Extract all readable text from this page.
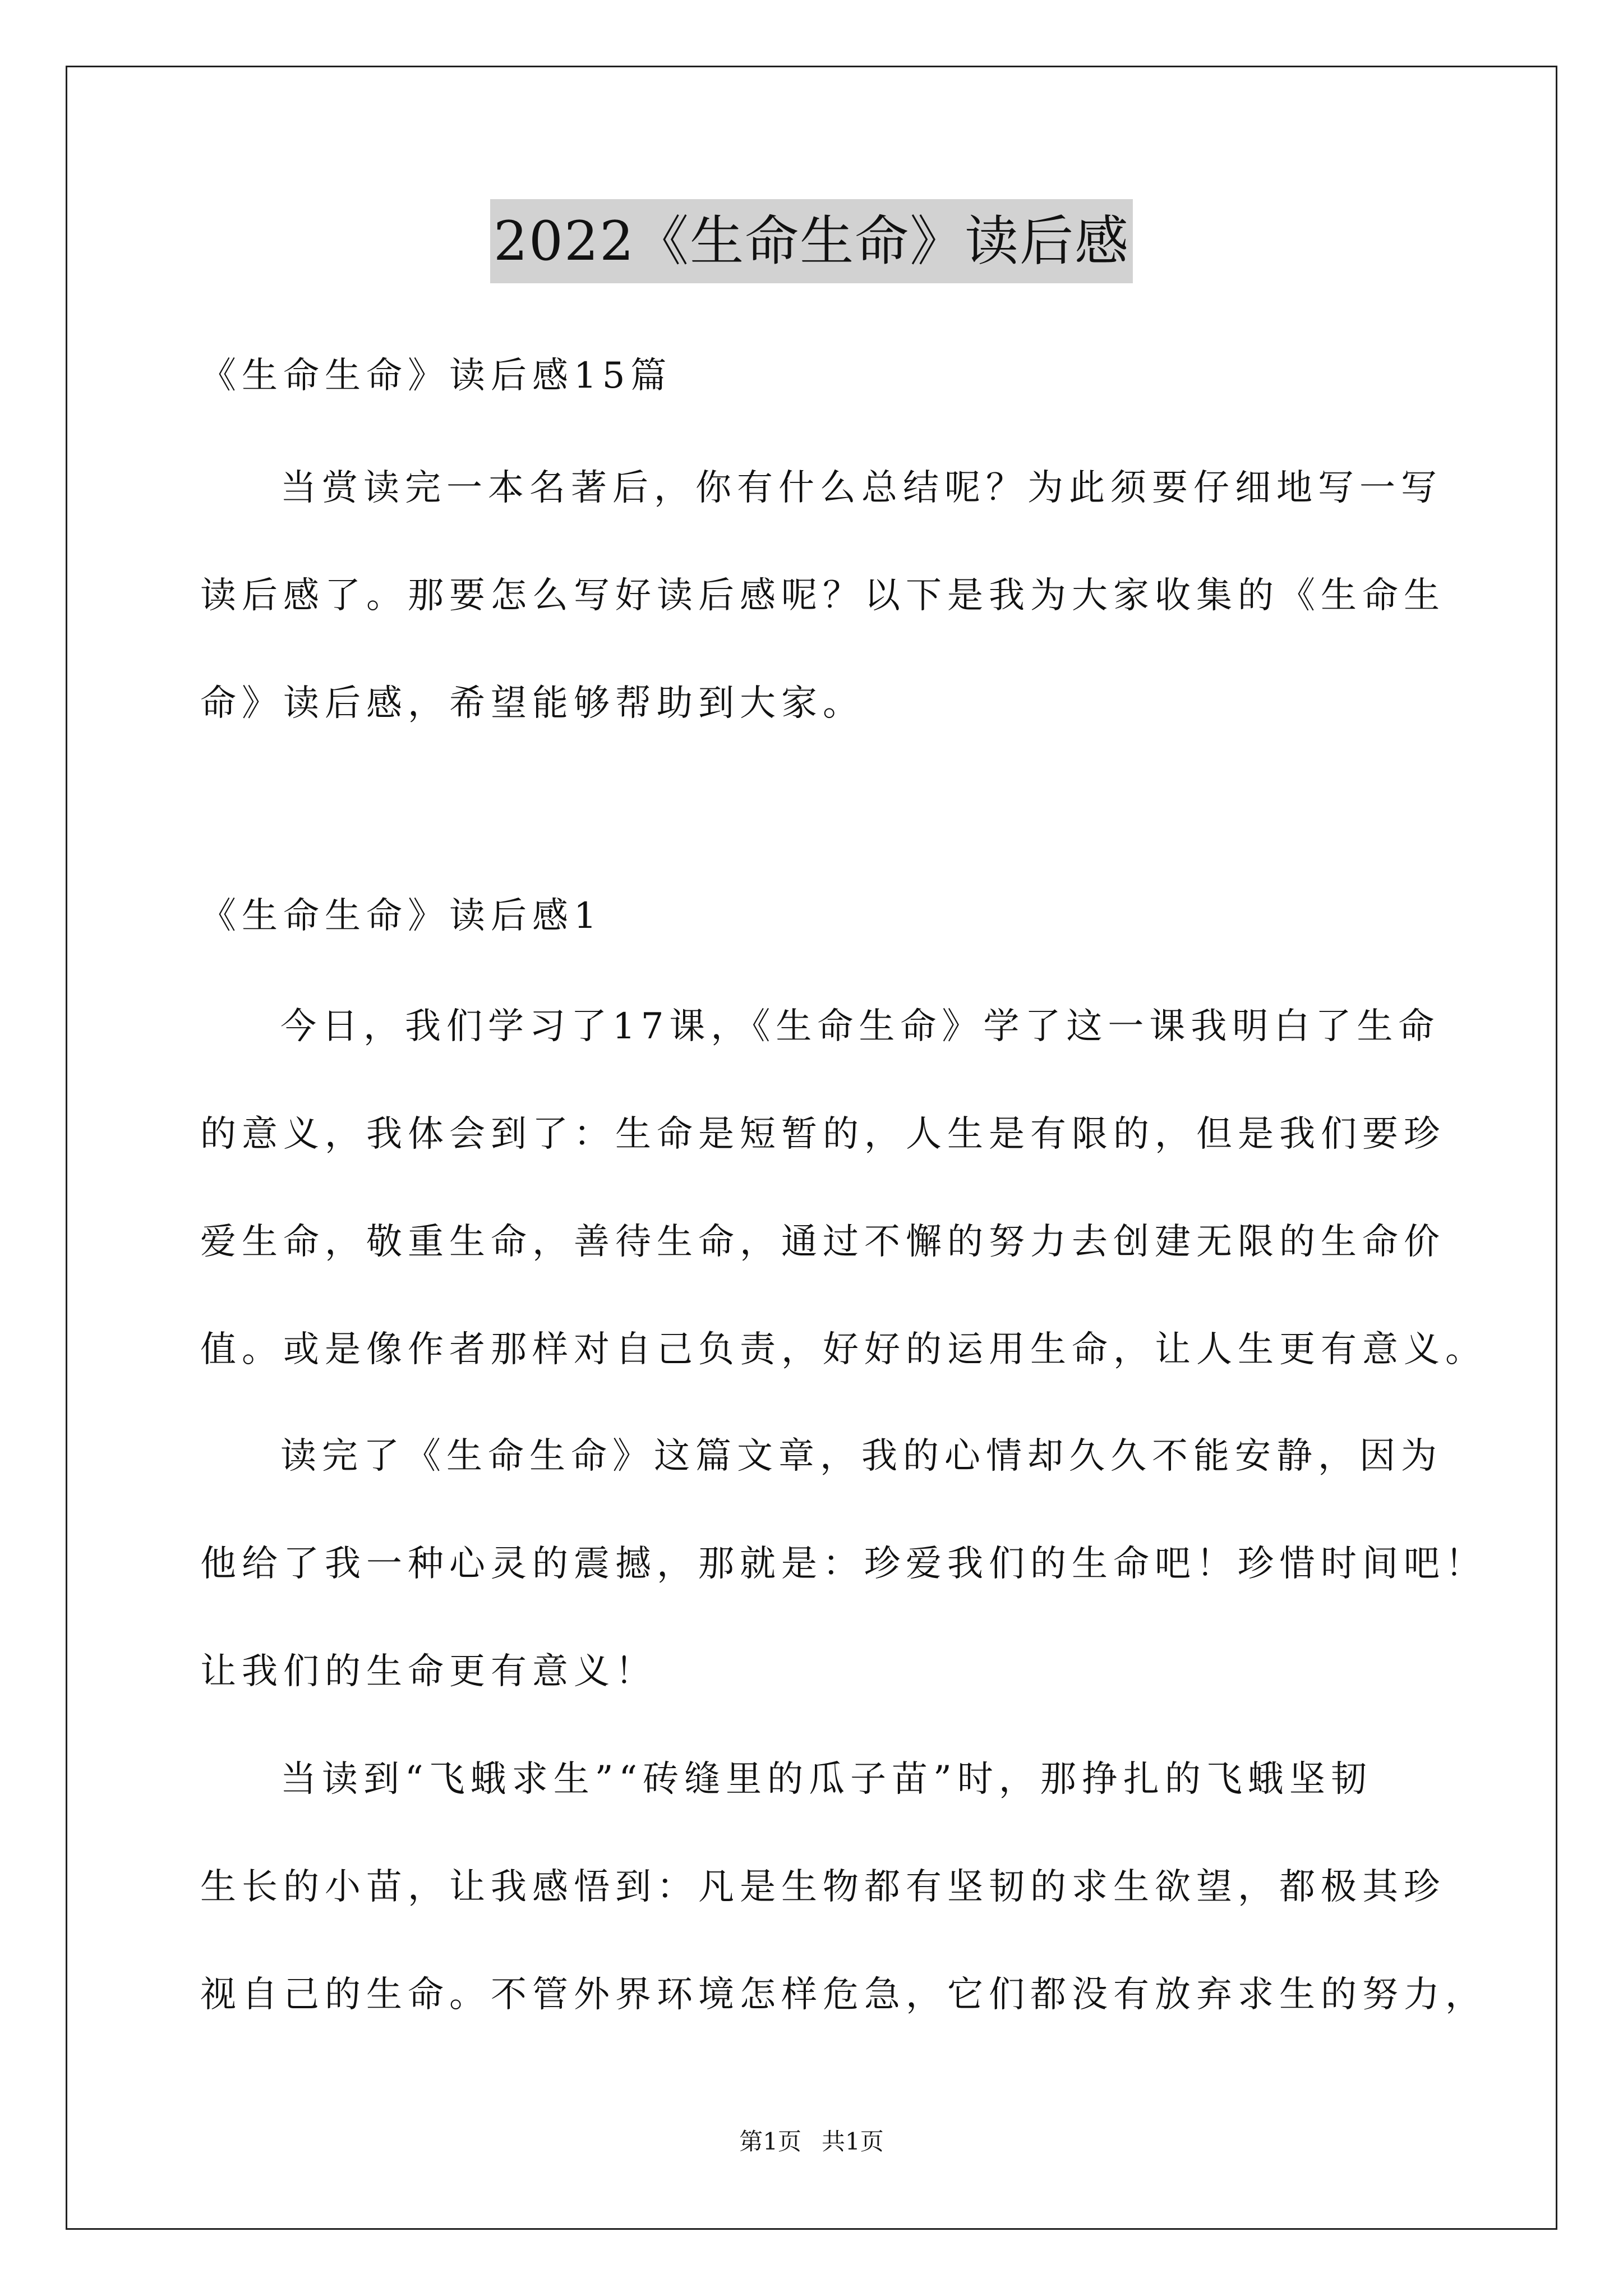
2022《生命生命》读后感
《生命生命》读后感15篇
当赏读完一本名著后，你有什么总结呢？为此须要仔细地写一写
读后感了。那要怎么写好读后感呢？以下是我为大家收集的《生命生
命》读后感，希望能够帮助到大家。
《生命生命》读后感1
今日，我们学习了17课，《生命生命》学了这一课我明白了生命
的意义，我体会到了：生命是短暂的，人生是有限的，但是我们要珍
爱生命，敬重生命，善待生命，通过不懈的努力去创建无限的生命价
值。或是像作者那样对自己负责，好好的运用生命，让人生更有意义。
读完了《生命生命》这篇文章，我的心情却久久不能安静，因为
他给了我一种心灵的震撼，那就是：珍爱我们的生命吧！珍惜时间吧！
让我们的生命更有意义！
当读到“飞蛾求生”“砖缝里的瓜子苗”时，那挣扎的飞蛾坚韧
生长的小苗，让我感悟到：凡是生物都有坚韧的求生欲望，都极其珍
视自己的生命。不管外界环境怎样危急，它们都没有放弃求生的努力，
第1页 共1页
